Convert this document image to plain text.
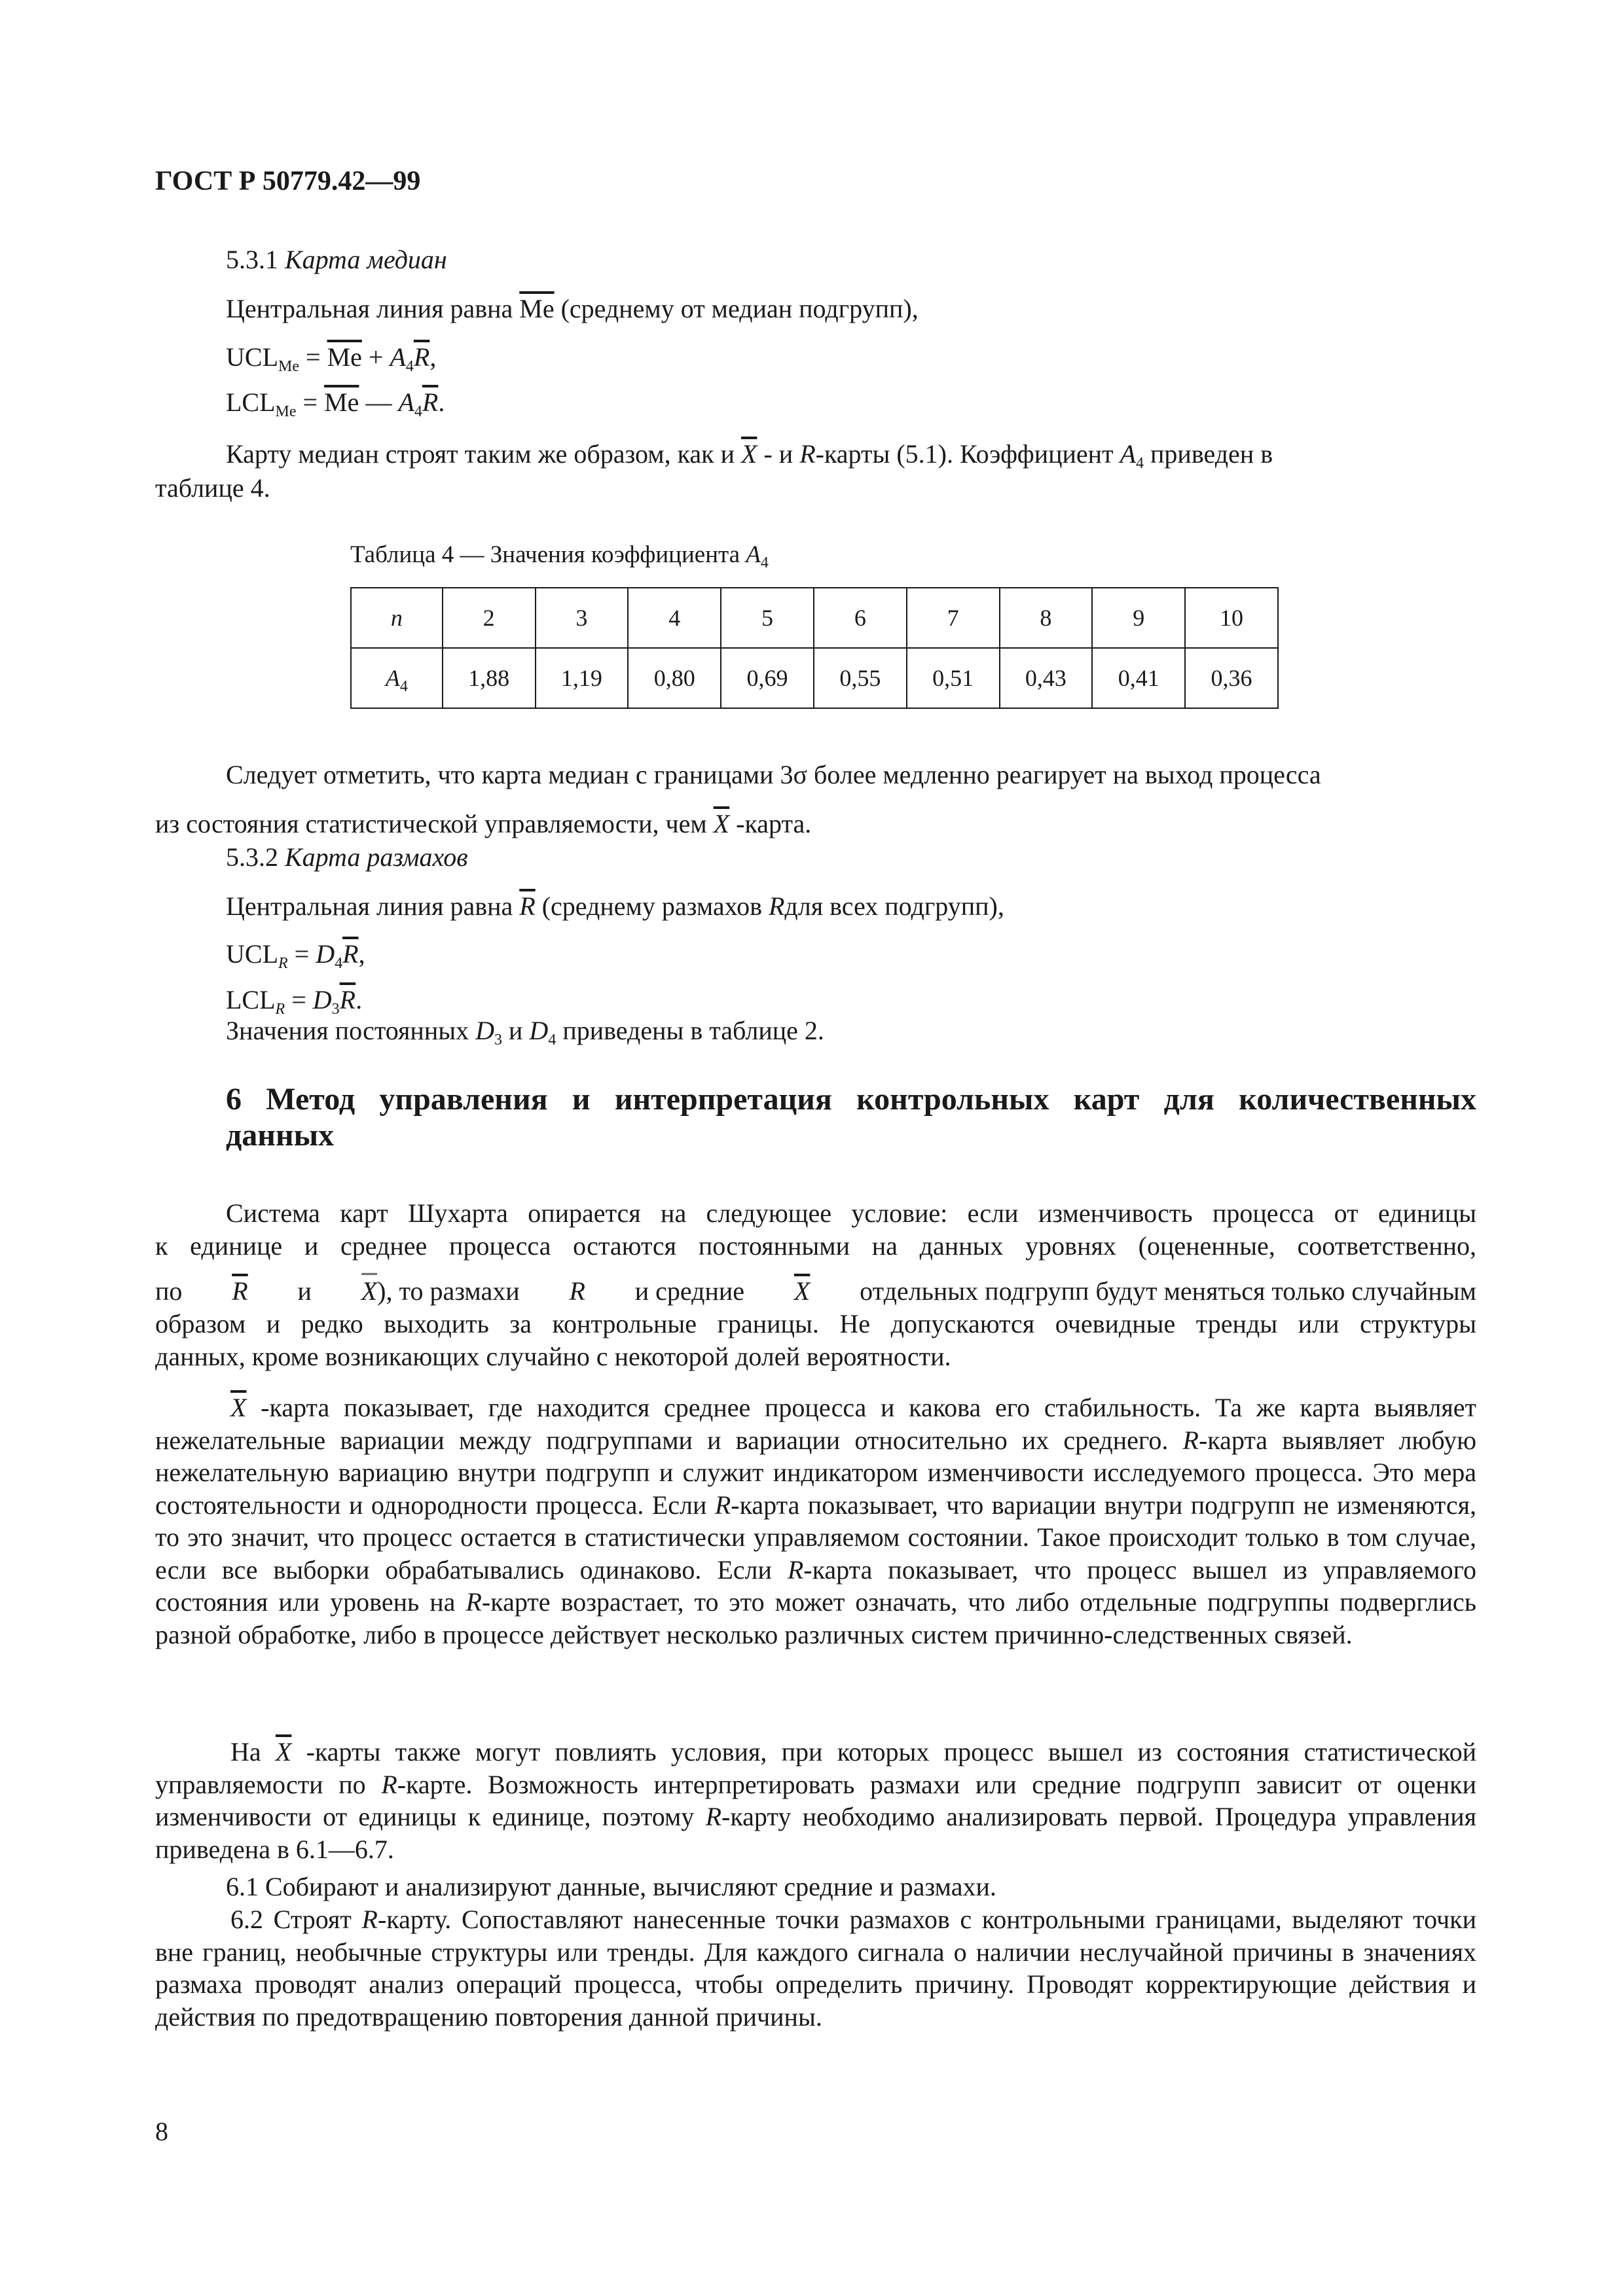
ГОСТ Р 50779.42—99
5.3.1 Карта медиан
Центральная линия равна $\overline{Me}$ (среднему от медиан подгрупп),
$UCL_{Me} = \overline{Me} + A_4\overline{R}$,
$LCL_{Me} = \overline{Me}$ — $A_4\overline{R}$.
Карту медиан строят таким же образом, как и $\overline{X}$ - и R-карты (5.1). Коэффициент $A_4$ приведен в
таблице 4.
Таблица 4 — Значения коэффициента $A_4$
n	2	3	4	5	6	7	8	9	10
$A_4$	1,88	1,19	0,80	0,69	0,55	0,51	0,43	0,41	0,36
Следует отметить, что карта медиан с границами 3σ более медленно реагирует на выход процесса
из состояния статистической управляемости, чем $\overline{X}$ -карта.
5.3.2 Карта размахов
Центральная линия равна $\overline{R}$ (среднему размахов Rдля всех подгрупп),
$UCL_R = D_4\overline{R}$,
$LCL_R = D_3\overline{R}$.
Значения постоянных $D_3$ и $D_4$ приведены в таблице 2.
6 Метод управления и интерпретация контрольных карт для количественных
данных
Система карт Шухарта опирается на следующее условие: если изменчивость процесса от единицы
к единице и среднее процесса остаются постоянными на данных уровнях (оцененные, соответственно,
по $\overline{R}$ и X), то размахи R и средние $\overline{X}$ отдельных подгрупп будут меняться только случайным
образом и редко выходить за контрольные границы. Не допускаются очевидные тренды или структуры
данных, кроме возникающих случайно с некоторой долей вероятности.
$\overline{X}$ -карта показывает, где находится среднее процесса и какова его стабильность. Та же карта выявляет нежелательные вариации между подгруппами и вариации относительно их среднего. R-карта выявляет любую нежелательную вариацию внутри подгрупп и служит индикатором изменчивости исследуемого процесса. Это мера состоятельности и однородности процесса. Если R-карта показывает, что вариации внутри подгрупп не изменяются, то это значит, что процесс остается в статистически управляемом состоянии. Такое происходит только в том случае, если все выборки обрабатывались одинаково. Если R-карта показывает, что процесс вышел из управляемого состояния или уровень на R-карте возрастает, то это может означать, что либо отдельные подгруппы подверглись разной обработке, либо в процессе действует несколько различных систем причинно-следственных связей.
На $\overline{X}$ -карты также могут повлиять условия, при которых процесс вышел из состояния статистической управляемости по R-карте. Возможность интерпретировать размахи или средние подгрупп зависит от оценки изменчивости от единицы к единице, поэтому R-карту необходимо анализировать первой. Процедура управления приведена в 6.1—6.7.
6.1 Собирают и анализируют данные, вычисляют средние и размахи.
6.2 Строят R-карту. Сопоставляют нанесенные точки размахов с контрольными границами, выделяют точки вне границ, необычные структуры или тренды. Для каждого сигнала о наличии неслучайной причины в значениях размаха проводят анализ операций процесса, чтобы определить причину. Проводят корректирующие действия и действия по предотвращению повторения данной причины.
8
